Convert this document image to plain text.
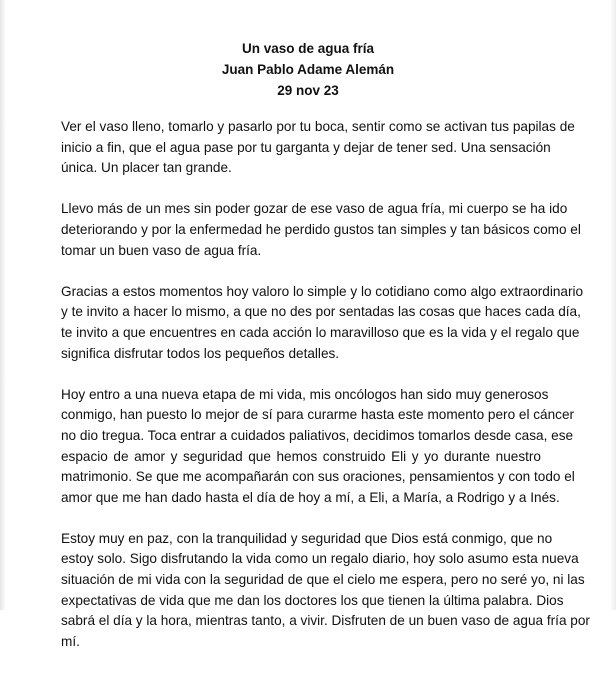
Un vaso de agua fría
Juan Pablo Adame Alemán
29 nov 23
Ver el vaso lleno, tomarlo y pasarlo por tu boca, sentir como se activan tus papilas de
inicio a fin, que el agua pase por tu garganta y dejar de tener sed. Una sensación
única. Un placer tan grande.
Llevo más de un mes sin poder gozar de ese vaso de agua fría, mi cuerpo se ha ido
deteriorando y por la enfermedad he perdido gustos tan simples y tan básicos como el
tomar un buen vaso de agua fría.
Gracias a estos momentos hoy valoro lo simple y lo cotidiano como algo extraordinario
y te invito a hacer lo mismo, a que no des por sentadas las cosas que haces cada día,
te invito a que encuentres en cada acción lo maravilloso que es la vida y el regalo que
significa disfrutar todos los pequeños detalles.
Hoy entro a una nueva etapa de mi vida, mis oncólogos han sido muy generosos
conmigo, han puesto lo mejor de sí para curarme hasta este momento pero el cáncer
no dio tregua. Toca entrar a cuidados paliativos, decidimos tomarlos desde casa, ese
espacio de amor y seguridad que hemos construido Eli y yo durante nuestro
matrimonio. Se que me acompañarán con sus oraciones, pensamientos y con todo el
amor que me han dado hasta el día de hoy a mí, a Eli, a María, a Rodrigo y a Inés.
Estoy muy en paz, con la tranquilidad y seguridad que Dios está conmigo, que no
estoy solo. Sigo disfrutando la vida como un regalo diario, hoy solo asumo esta nueva
situación de mi vida con la seguridad de que el cielo me espera, pero no seré yo, ni las
expectativas de vida que me dan los doctores los que tienen la última palabra. Dios
sabrá el día y la hora, mientras tanto, a vivir. Disfruten de un buen vaso de agua fría por
mí.
